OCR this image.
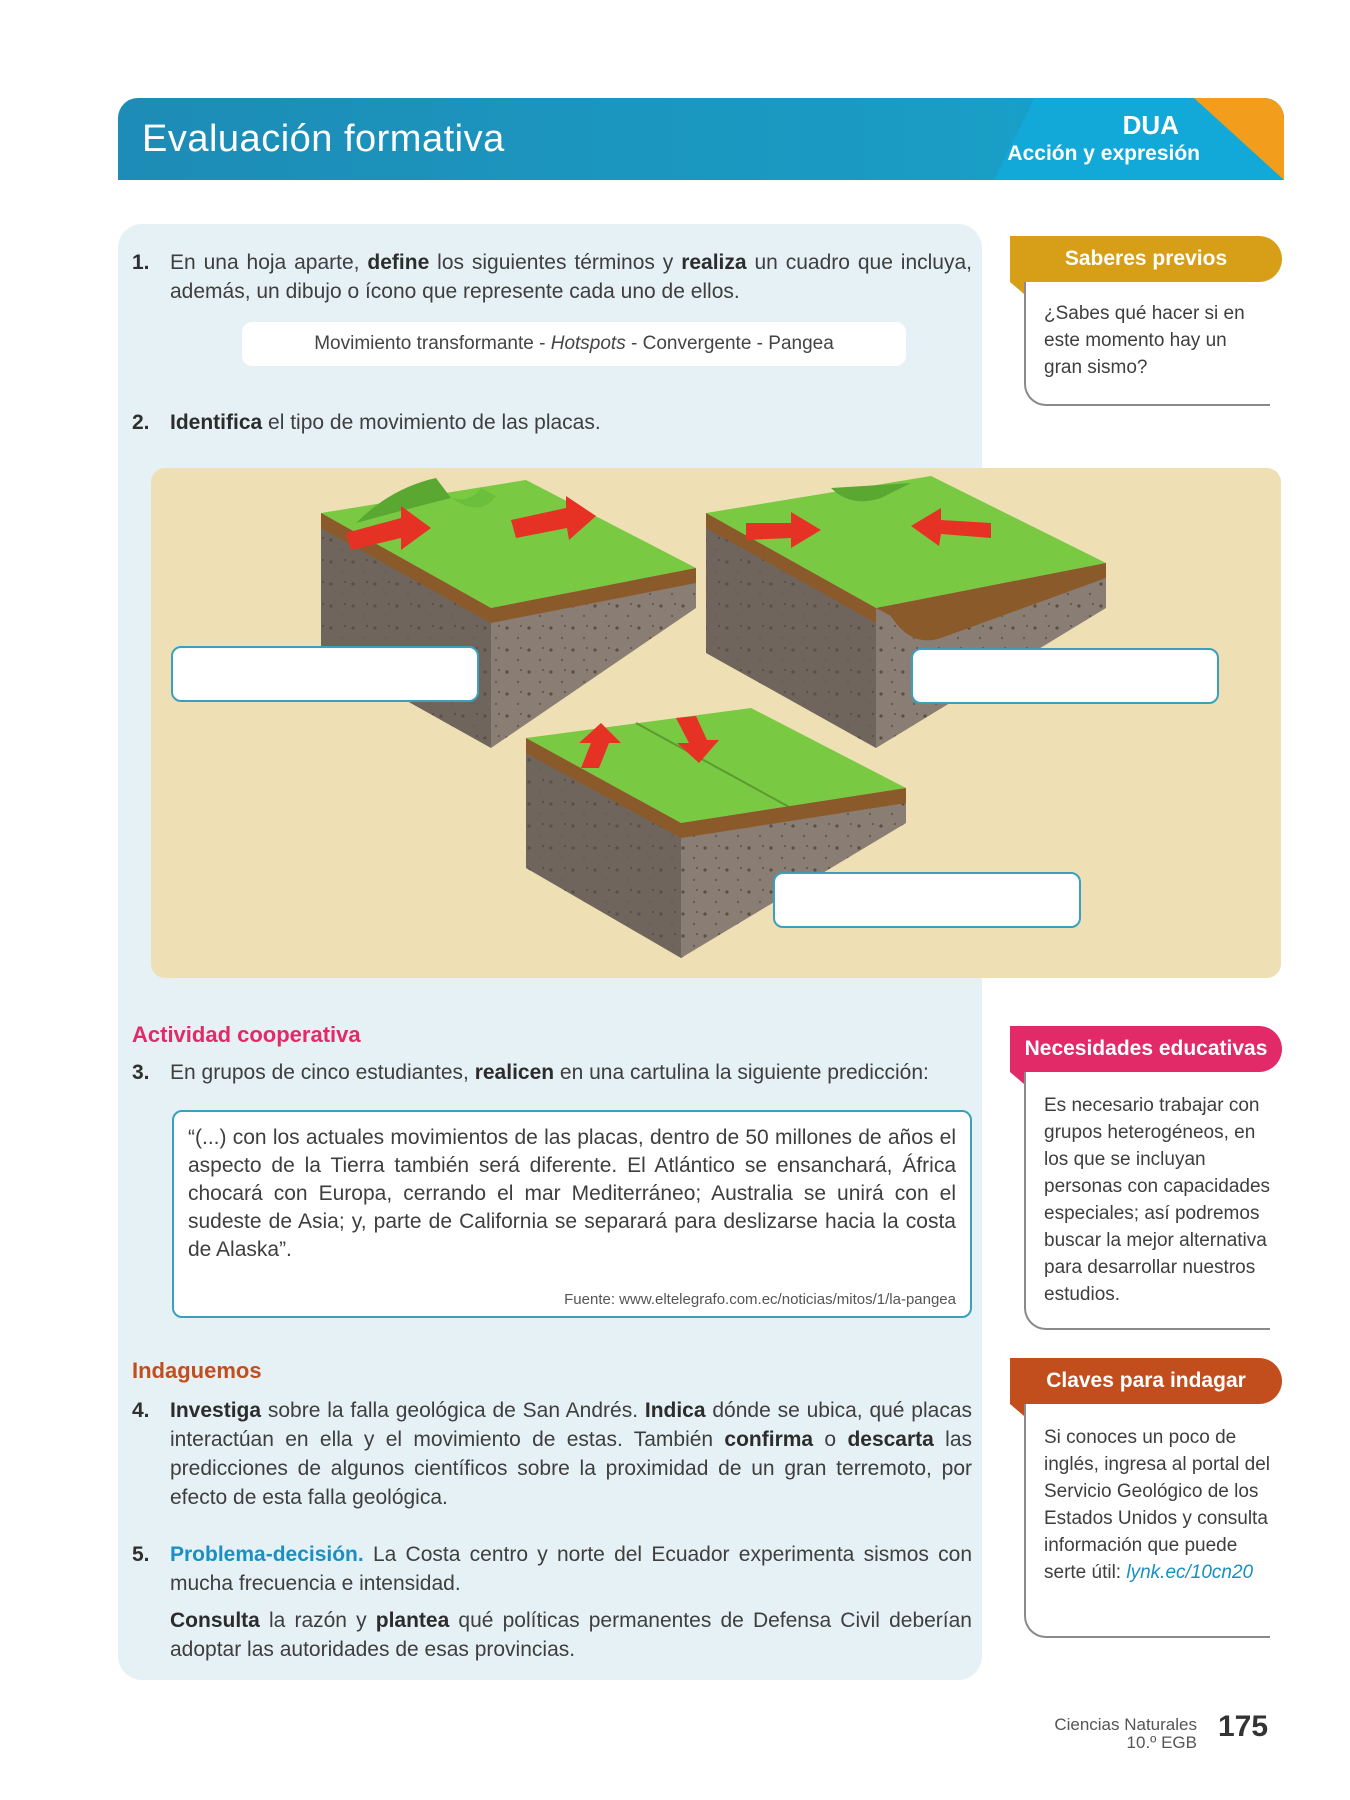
Evaluación formativa	DUA
Acción y expresión
1. En una hoja aparte, define los siguientes términos y realiza un cuadro que incluya, además, un dibujo o ícono que represente cada uno de ellos.
Movimiento transformante - Hotspots - Convergente - Pangea
2. Identifica el tipo de movimiento de las placas.
Actividad cooperativa
3. En grupos de cinco estudiantes, realicen en una cartulina la siguiente predicción:
“(...) con los actuales movimientos de las placas, dentro de 50 millones de años el aspecto de la Tierra también será diferente. El Atlántico se ensanchará, África chocará con Europa, cerrando el mar Mediterráneo; Australia se unirá con el sudeste de Asia; y, parte de California se separará para deslizarse hacia la costa de Alaska”.
Fuente: www.eltelegrafo.com.ec/noticias/mitos/1/la-pangea
Indaguemos
4. Investiga sobre la falla geológica de San Andrés. Indica dónde se ubica, qué placas interactúan en ella y el movimiento de estas. También confirma o descarta las predicciones de algunos científicos sobre la proximidad de un gran terremoto, por efecto de esta falla geológica.
5. Problema-decisión. La Costa centro y norte del Ecuador experimenta sismos con mucha frecuencia e intensidad.
Consulta la razón y plantea qué políticas permanentes de Defensa Civil deberían adoptar las autoridades de esas provincias.
Saberes previos
¿Sabes qué hacer si en este momento hay un gran sismo?
Necesidades educativas
Es necesario trabajar con grupos heterogéneos, en los que se incluyan personas con capacidades especiales; así podremos buscar la mejor alternativa para desarrollar nuestros estudios.
Claves para indagar
Si conoces un poco de inglés, ingresa al portal del Servicio Geológico de los Estados Unidos y consulta información que puede serte útil: lynk.ec/10cn20
Ciencias Naturales
10.º EGB 175
